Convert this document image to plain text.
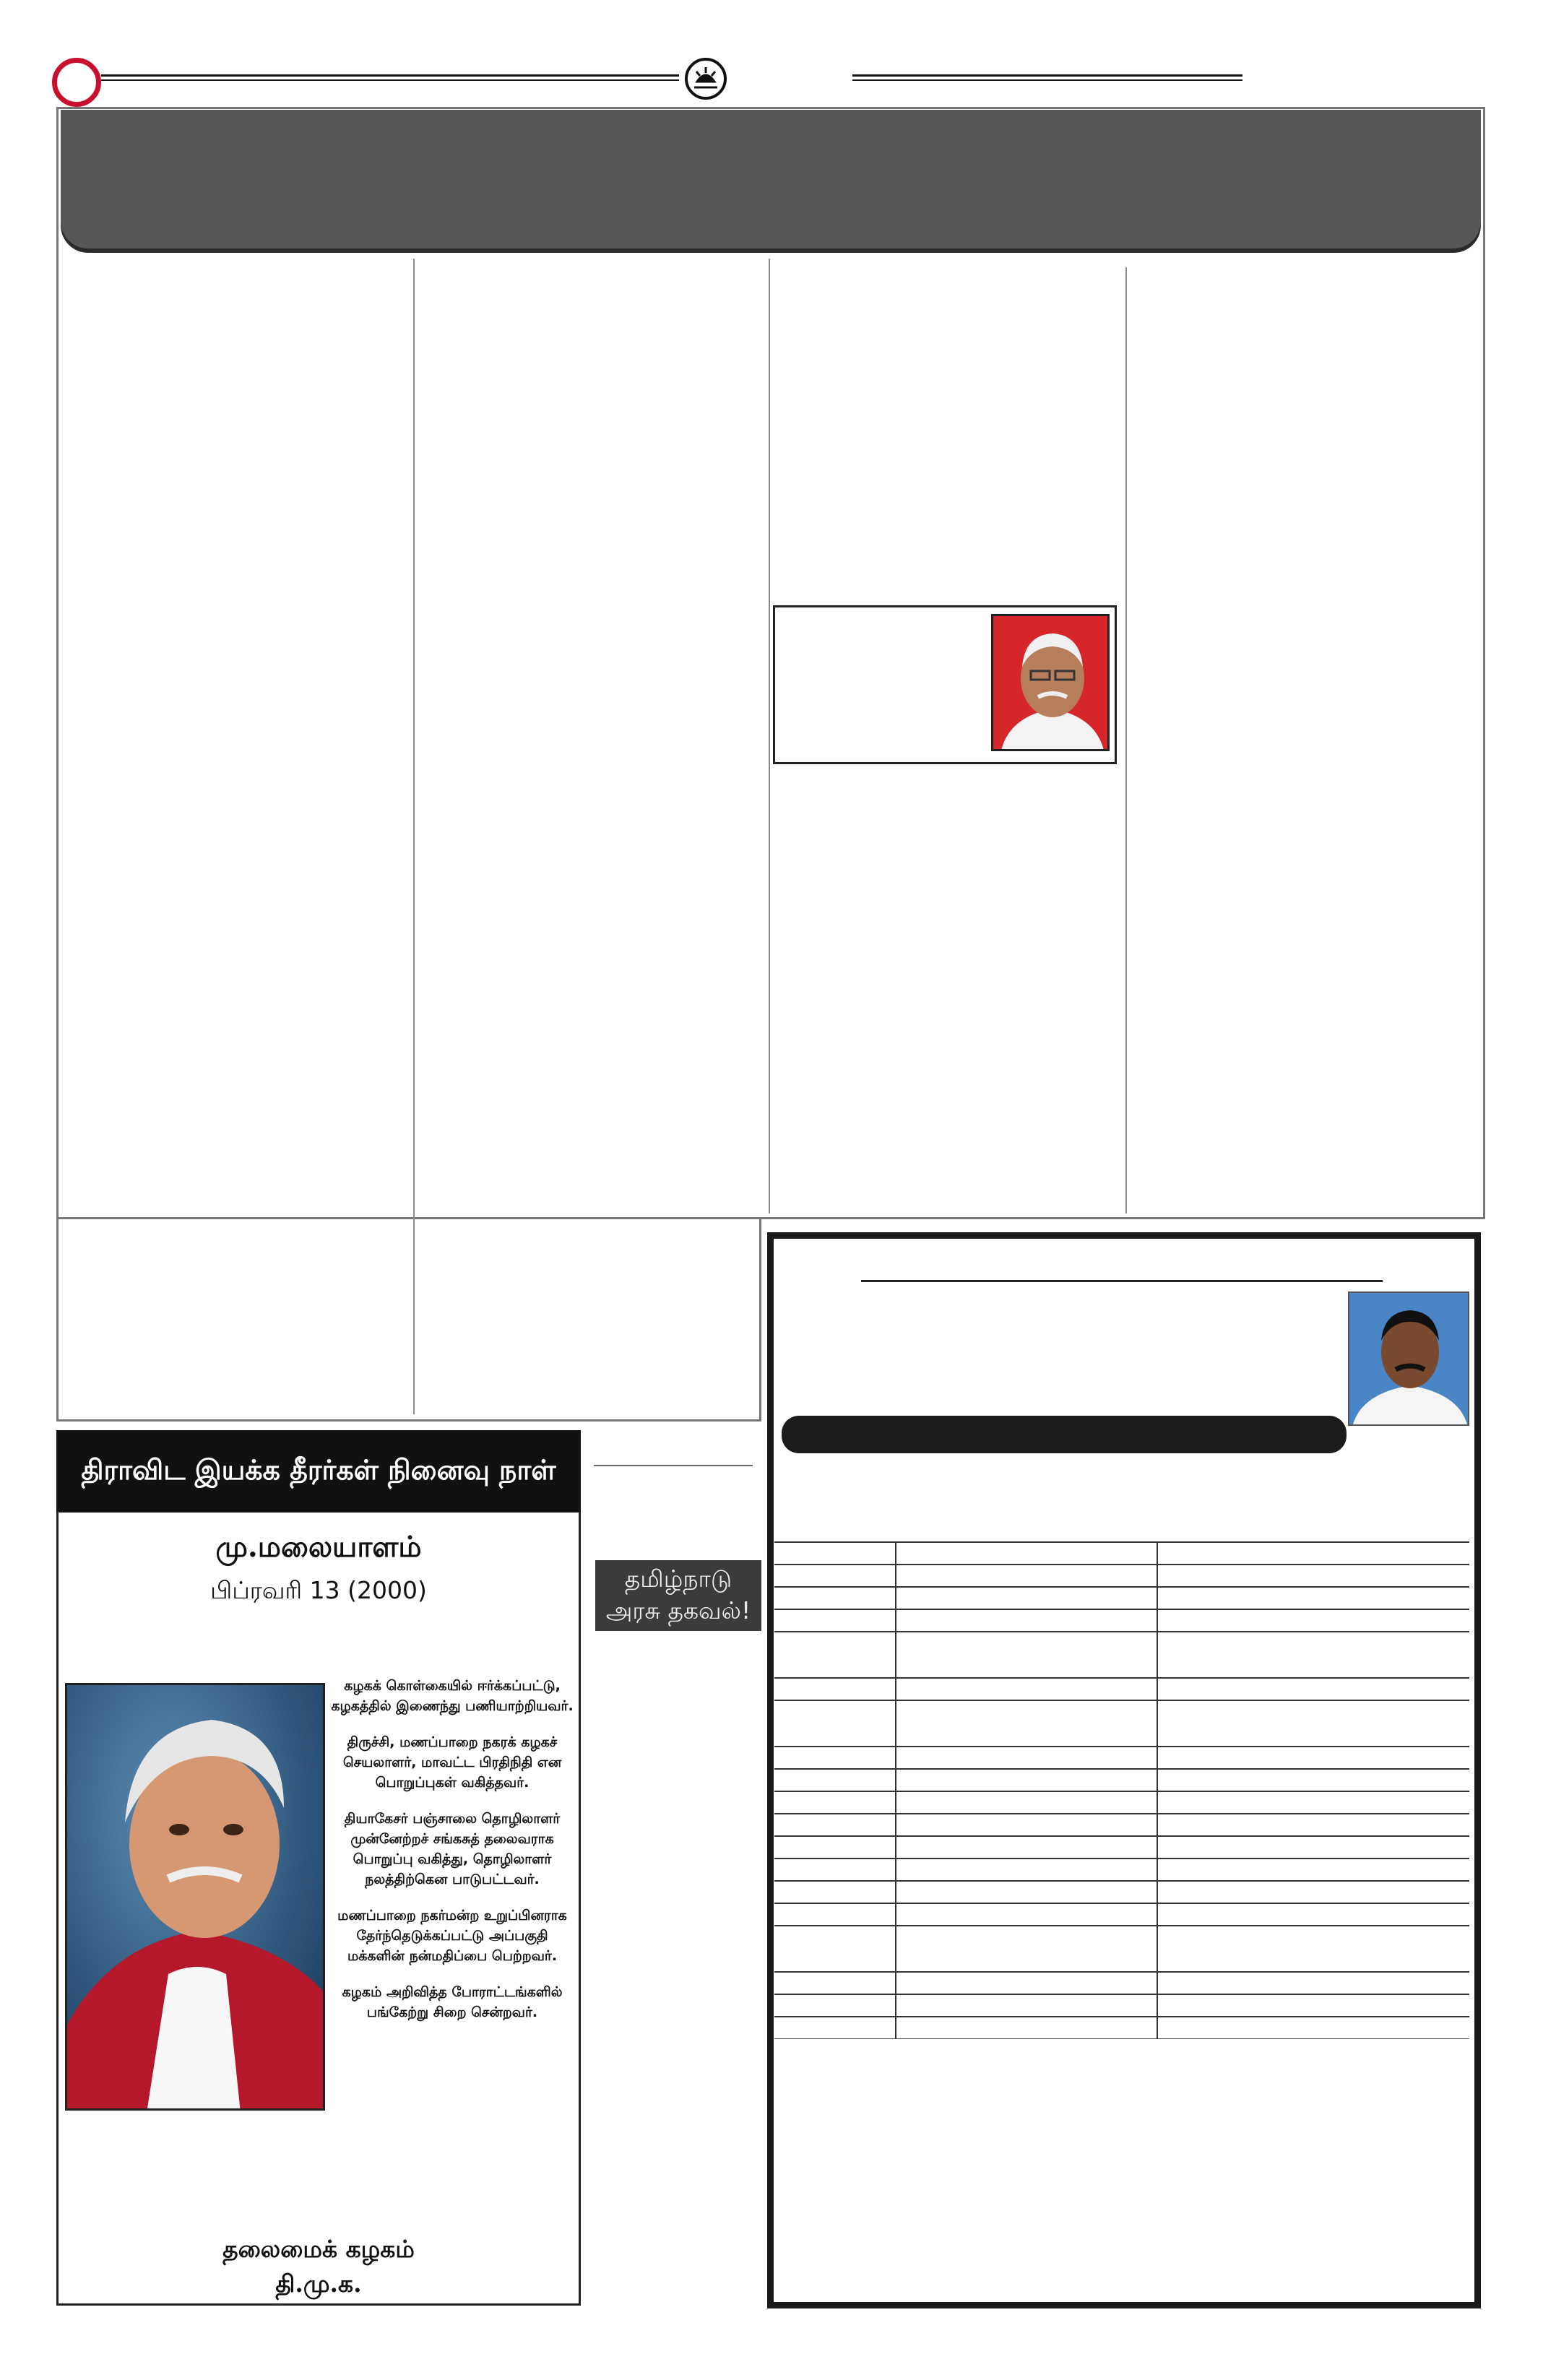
தமிழ்நாடு
அரசு தகவல்!
திராவிட இயக்க தீரர்கள் நினைவு நாள்
மு.மலையாளம்
பிப்ரவரி 13 (2000)

கழகக் கொள்கையில் ஈர்க்கப்பட்டு, கழகத்தில் இணைந்து பணியாற்றியவர்.

திருச்சி, மணப்பாறை நகரக் கழகச் செயலாளர், மாவட்ட பிரதிநிதி என பொறுப்புகள் வகித்தவர்.

தியாகேசர் பஞ்சாலை தொழிலாளர் முன்னேற்றச் சங்கசுத் தலைவராக பொறுப்பு வகித்து, தொழிலாளர் நலத்திற்கென பாடுபட்டவர்.

மணப்பாறை நகர்மன்ற உறுப்பினராக தேர்ந்தெடுக்கப்பட்டு அப்பகுதி மக்களின் நன்மதிப்பை பெற்றவர்.

கழகம் அறிவித்த போராட்டங்களில் பங்கேற்று சிறை சென்றவர்.

தலைமைக் கழகம்
தி.மு.க.
